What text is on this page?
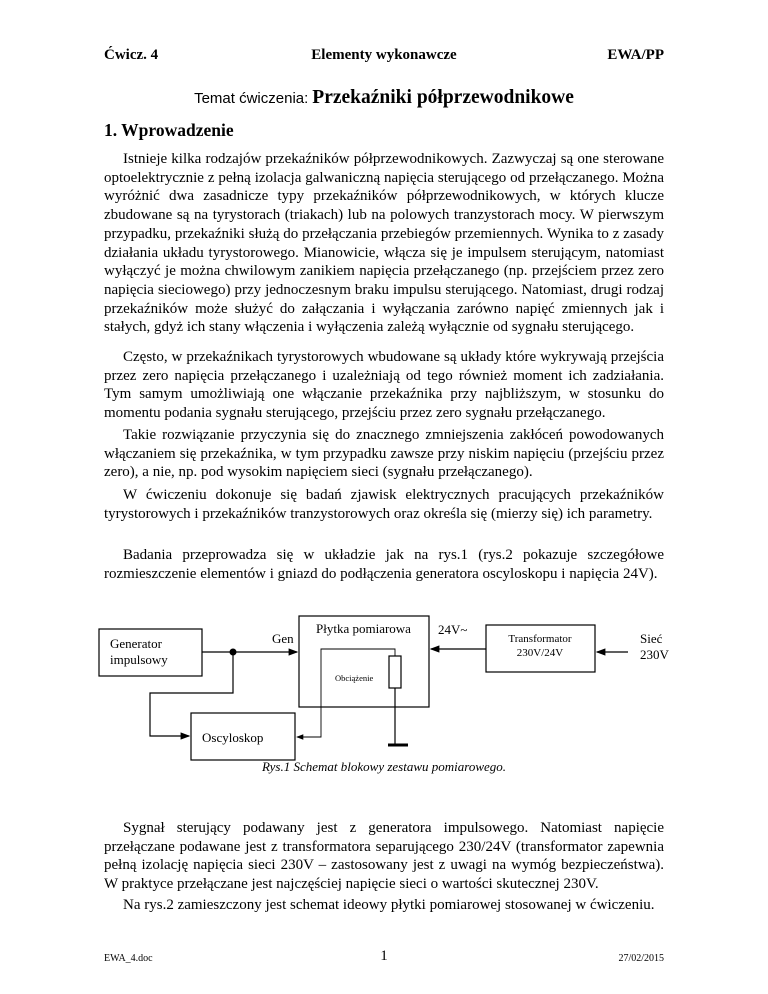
Ćwicz. 4	Elementy wykonawcze	EWA/PP
Temat ćwiczenia: Przekaźniki półprzewodnikowe
1. Wprowadzenie

Istnieje kilka rodzajów przekaźników półprzewodnikowych. Zazwyczaj są one sterowane optoelektrycznie z pełną izolacja galwaniczną napięcia sterującego od przełączanego. Można wyróżnić dwa zasadnicze typy przekaźników półprzewodnikowych, w których klucze zbudowane są na tyrystorach (triakach) lub na polowych tranzystorach mocy. W pierwszym przypadku, przekaźniki służą do przełączania przebiegów przemiennych. Wynika to z zasady działania układu tyrystorowego. Mianowicie, włącza się je impulsem sterującym, natomiast wyłączyć je można chwilowym zanikiem napięcia przełączanego (np. przejściem przez zero napięcia sieciowego) przy jednoczesnym braku impulsu sterującego. Natomiast, drugi rodzaj przekaźników może służyć do załączania i wyłączania zarówno napięć zmiennych jak i stałych, gdyż ich stany włączenia i wyłączenia zależą wyłącznie od sygnału sterującego.

Często, w przekaźnikach tyrystorowych wbudowane są układy które wykrywają przejścia przez zero napięcia przełączanego i uzależniają od tego również moment ich zadziałania. Tym samym umożliwiają one włączanie przekaźnika przy najbliższym, w stosunku do momentu podania sygnału sterującego, przejściu przez zero sygnału przełączanego.

Takie rozwiązanie przyczynia się do znacznego zmniejszenia zakłóceń powodowanych włączaniem się przekaźnika, w tym przypadku zawsze przy niskim napięciu (przejściu przez zero), a nie, np. pod wysokim napięciem sieci (sygnału przełączanego).

W ćwiczeniu dokonuje się badań zjawisk elektrycznych pracujących przekaźników tyrystorowych i przekaźników tranzystorowych oraz określa się (mierzy się) ich parametry.

Badania przeprowadza się w układzie jak na rys.1 (rys.2 pokazuje szczegółowe rozmieszczenie elementów i gniazd do podłączenia generatora oscyloskopu i napięcia 24V).

Generator
impulsowy
Gen
Płytka pomiarowa 24V~
Sieć
230V
Oscyloskop
Transformator
230V/24V
Obciążenie
Rys.1 Schemat blokowy zestawu pomiarowego.

Sygnał sterujący podawany jest z generatora impulsowego. Natomiast napięcie przełączane podawane jest z transformatora separującego 230/24V (transformator zapewnia pełną izolację napięcia sieci 230V – zastosowany jest z uwagi na wymóg bezpieczeństwa). W praktyce przełączane jest najczęściej napięcie sieci o wartości skutecznej 230V.

Na rys.2 zamieszczony jest schemat ideowy płytki pomiarowej stosowanej w ćwiczeniu.

EWA_4.doc	1	27/02/2015
